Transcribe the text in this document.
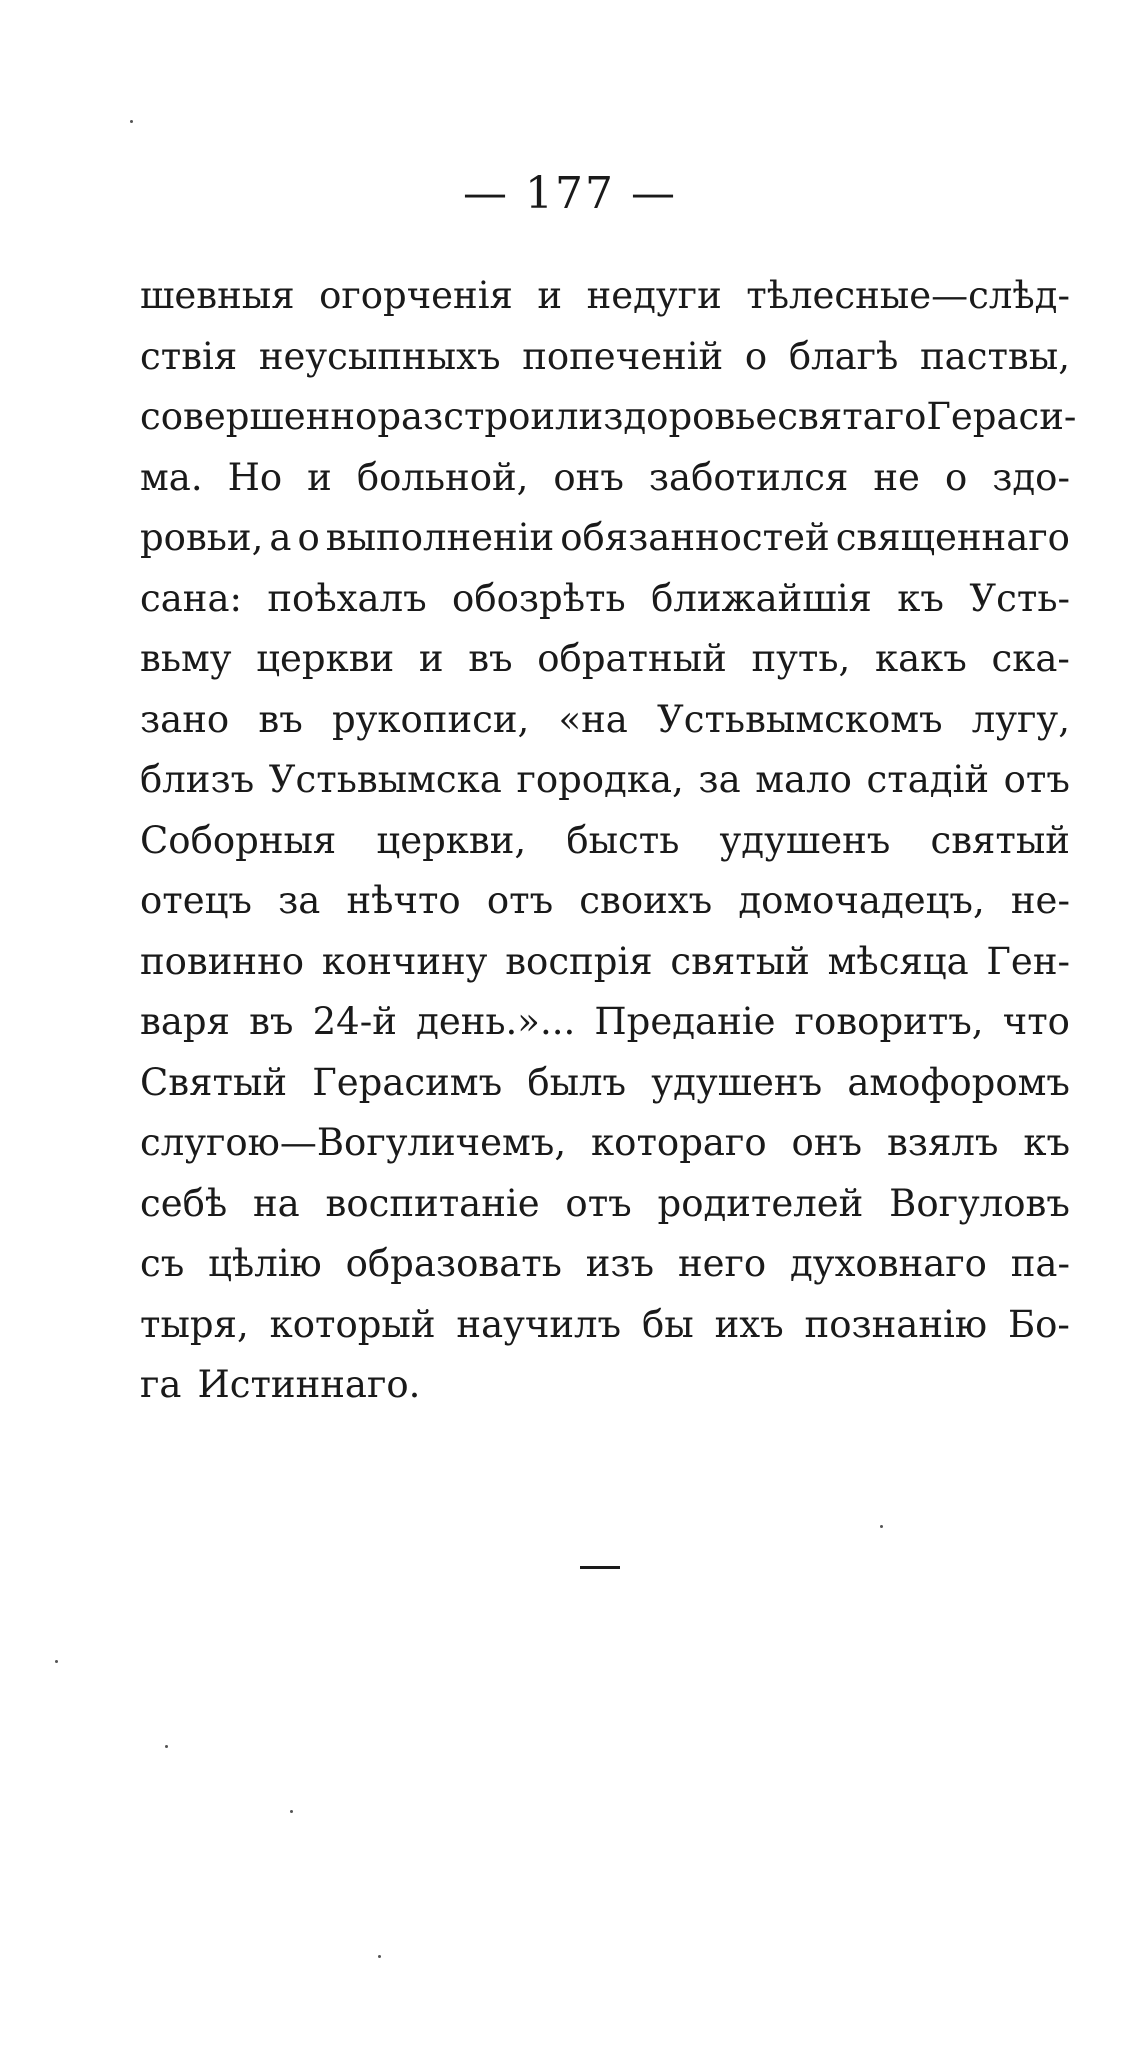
— 177 —
шевныя огорченія и недуги тѣлесные—слѣд-
ствія неусыпныхъ попеченій о благѣ паствы,
совершенно разстроили здоровье святаго Гераси-
ма. Но и больной, онъ заботился не о здо-
ровьи, а о выполненіи обязанностей священнаго
сана: поѣхалъ обозрѣть ближайшія къ Усть-
вьму церкви и въ обратный путь, какъ ска-
зано въ рукописи, «на Устьвымскомъ лугу,
близъ Устьвымска городка, за мало стадій отъ
Соборныя церкви, бысть удушенъ святый
отецъ за нѣчто отъ своихъ домочадецъ, не-
повинно кончину воспрія святый мѣсяца Ген-
варя въ 24-й день.»... Преданіе говоритъ, что
Святый Герасимъ былъ удушенъ амофоромъ
слугою—Вогуличемъ, котораго онъ взялъ къ
себѣ на воспитаніе отъ родителей Вогуловъ
съ цѣлію образовать изъ него духовнаго па-
тыря, который научилъ бы ихъ познанію Бо-
га Истиннаго.
